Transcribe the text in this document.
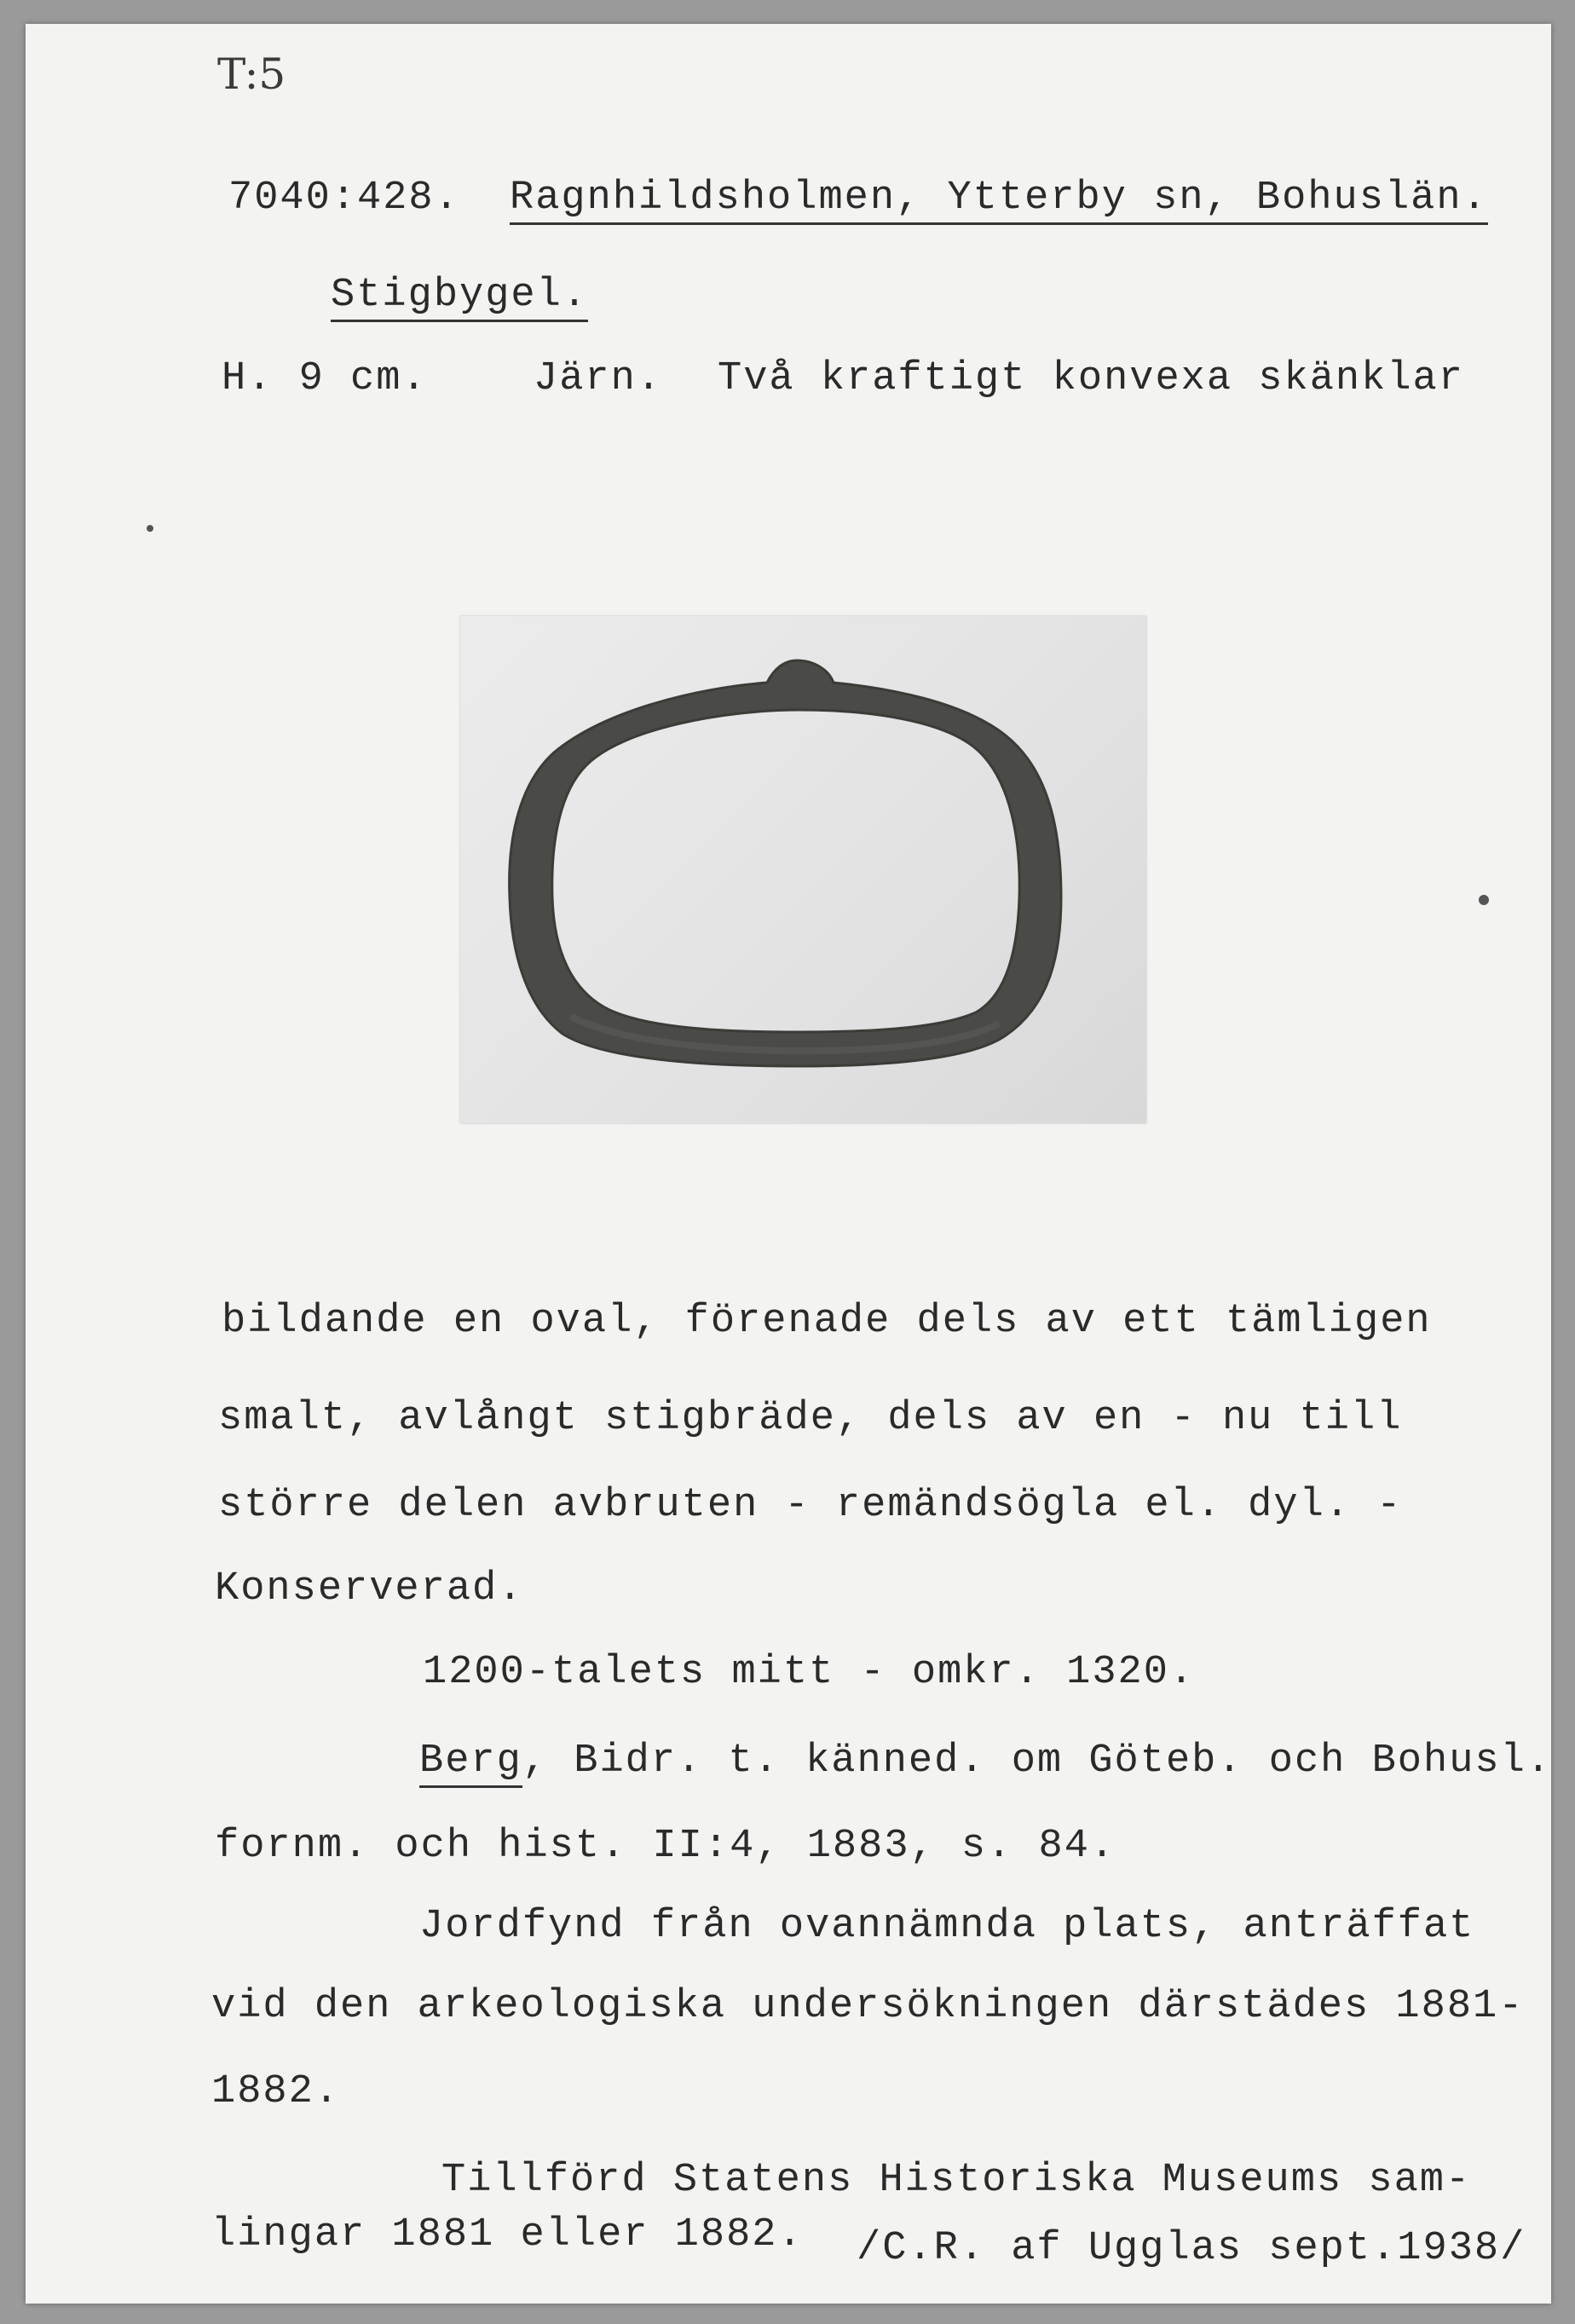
T:5
7040:428. Ragnhildsholmen, Ytterby sn, Bohuslän.
Stigbygel.
H. 9 cm.	Järn. Två kraftigt konvexa skänklar
bildande en oval, förenade dels av ett tämligen
smalt, avlångt stigbräde, dels av en - nu till
större delen avbruten - remändsögla el. dyl. -
Konserverad.
1200-talets mitt - omkr. 1320.
Berg, Bidr. t. känned. om Göteb. och Bohusl.
fornm. och hist. II:4, 1883, s. 84.
Jordfynd från ovannämnda plats, anträffat
vid den arkeologiska undersökningen därstädes 1881-
1882.
Tillförd Statens Historiska Museums sam-
lingar 1881 eller 1882. /C.R. af Ugglas sept.1938/
